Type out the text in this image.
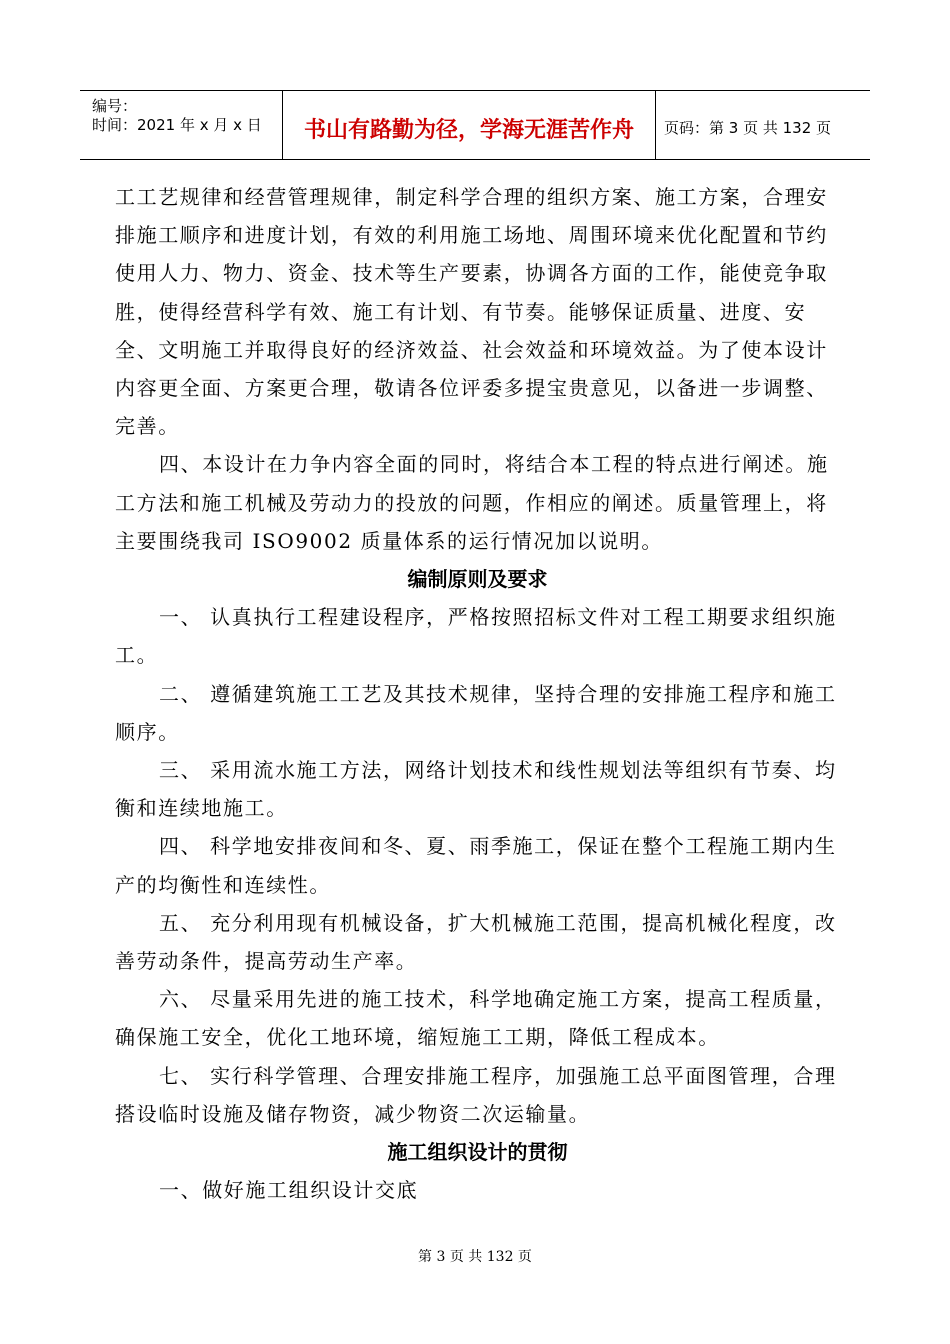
编号：
时间：2021 年 x 月 x 日	书山有路勤为径，学海无涯苦作舟	页码：第 3 页 共 132 页

工工艺规律和经营管理规律，制定科学合理的组织方案、施工方案，合理安排施工顺序和进度计划，有效的利用施工场地、周围环境来优化配置和节约使用人力、物力、资金、技术等生产要素，协调各方面的工作，能使竞争取胜，使得经营科学有效、施工有计划、有节奏。能够保证质量、进度、安全、文明施工并取得良好的经济效益、社会效益和环境效益。为了使本设计内容更全面、方案更合理，敬请各位评委多提宝贵意见，以备进一步调整、完善。

四、本设计在力争内容全面的同时，将结合本工程的特点进行阐述。施工方法和施工机械及劳动力的投放的问题，作相应的阐述。质量管理上，将主要围绕我司 ISO9002 质量体系的运行情况加以说明。

编制原则及要求

一、 认真执行工程建设程序，严格按照招标文件对工程工期要求组织施工。

二、 遵循建筑施工工艺及其技术规律，坚持合理的安排施工程序和施工顺序。

三、 采用流水施工方法，网络计划技术和线性规划法等组织有节奏、均衡和连续地施工。

四、 科学地安排夜间和冬、夏、雨季施工，保证在整个工程施工期内生产的均衡性和连续性。

五、 充分利用现有机械设备，扩大机械施工范围，提高机械化程度，改善劳动条件，提高劳动生产率。

六、 尽量采用先进的施工技术，科学地确定施工方案，提高工程质量，确保施工安全，优化工地环境，缩短施工工期，降低工程成本。

七、 实行科学管理、合理安排施工程序，加强施工总平面图管理，合理搭设临时设施及储存物资，减少物资二次运输量。

施工组织设计的贯彻

一、做好施工组织设计交底

第 3 页 共 132 页
